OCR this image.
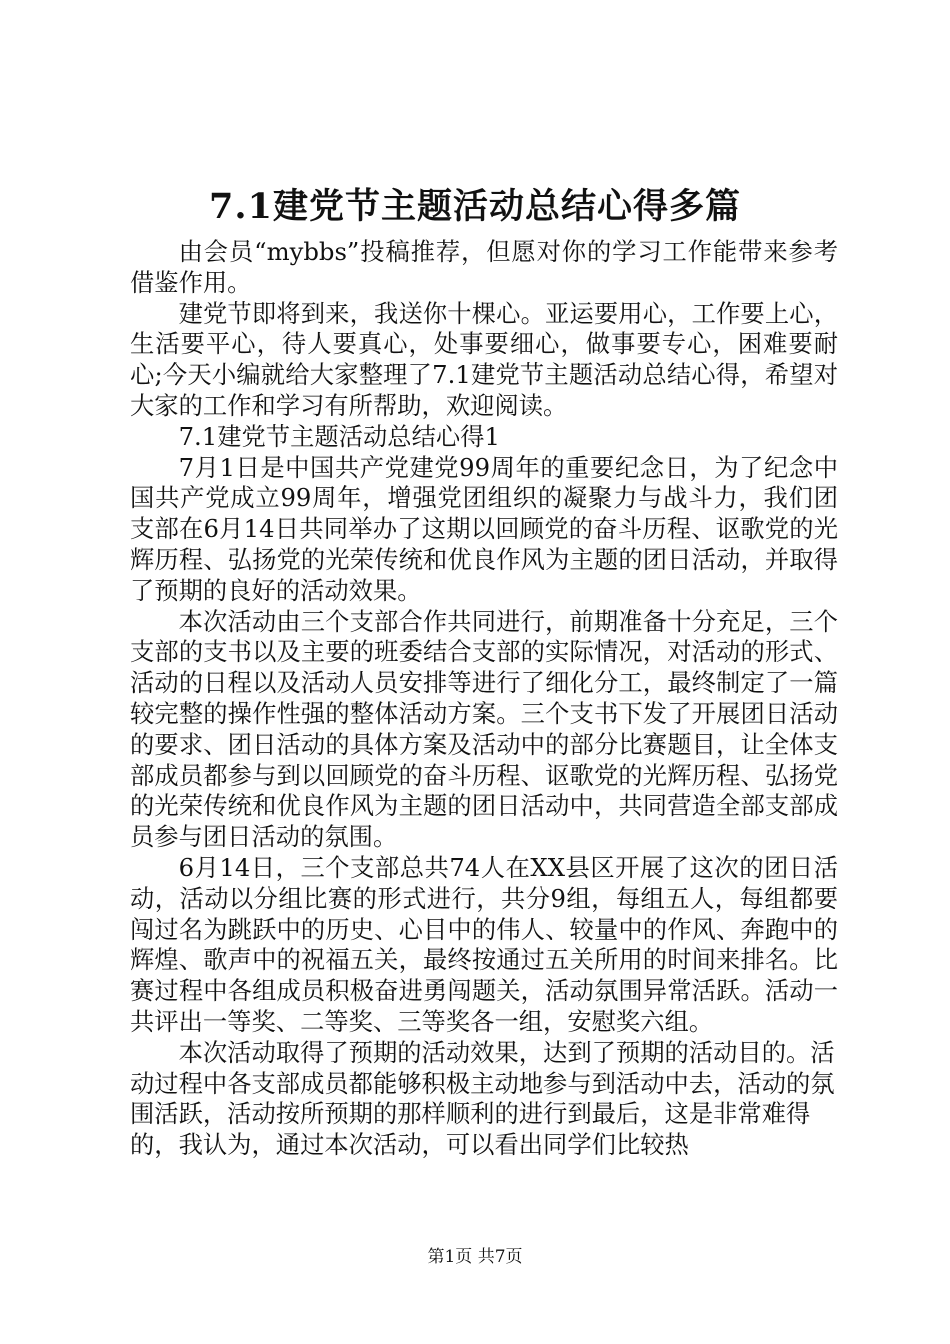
7.1建党节主题活动总结心得多篇

由会员“mybbs”投稿推荐，但愿对你的学习工作能带来参考借鉴作用。

建党节即将到来，我送你十棵心。亚运要用心，工作要上心，生活要平心，待人要真心，处事要细心，做事要专心，困难要耐心;今天小编就给大家整理了7.1建党节主题活动总结心得，希望对大家的工作和学习有所帮助，欢迎阅读。

7.1建党节主题活动总结心得1

7月1日是中国共产党建党99周年的重要纪念日，为了纪念中国共产党成立99周年，增强党团组织的凝聚力与战斗力，我们团支部在6月14日共同举办了这期以回顾党的奋斗历程、讴歌党的光辉历程、弘扬党的光荣传统和优良作风为主题的团日活动，并取得了预期的良好的活动效果。

本次活动由三个支部合作共同进行，前期准备十分充足，三个支部的支书以及主要的班委结合支部的实际情况，对活动的形式、活动的日程以及活动人员安排等进行了细化分工，最终制定了一篇较完整的操作性强的整体活动方案。三个支书下发了开展团日活动的要求、团日活动的具体方案及活动中的部分比赛题目，让全体支部成员都参与到以回顾党的奋斗历程、讴歌党的光辉历程、弘扬党的光荣传统和优良作风为主题的团日活动中，共同营造全部支部成员参与团日活动的氛围。

6月14日，三个支部总共74人在XX县区开展了这次的团日活动，活动以分组比赛的形式进行，共分9组，每组五人，每组都要闯过名为跳跃中的历史、心目中的伟人、较量中的作风、奔跑中的辉煌、歌声中的祝福五关，最终按通过五关所用的时间来排名。比赛过程中各组成员积极奋进勇闯题关，活动氛围异常活跃。活动一共评出一等奖、二等奖、三等奖各一组，安慰奖六组。

本次活动取得了预期的活动效果，达到了预期的活动目的。活动过程中各支部成员都能够积极主动地参与到活动中去，活动的氛围活跃，活动按所预期的那样顺利的进行到最后，这是非常难得的，我认为，通过本次活动，可以看出同学们比较热

第1页 共7页
